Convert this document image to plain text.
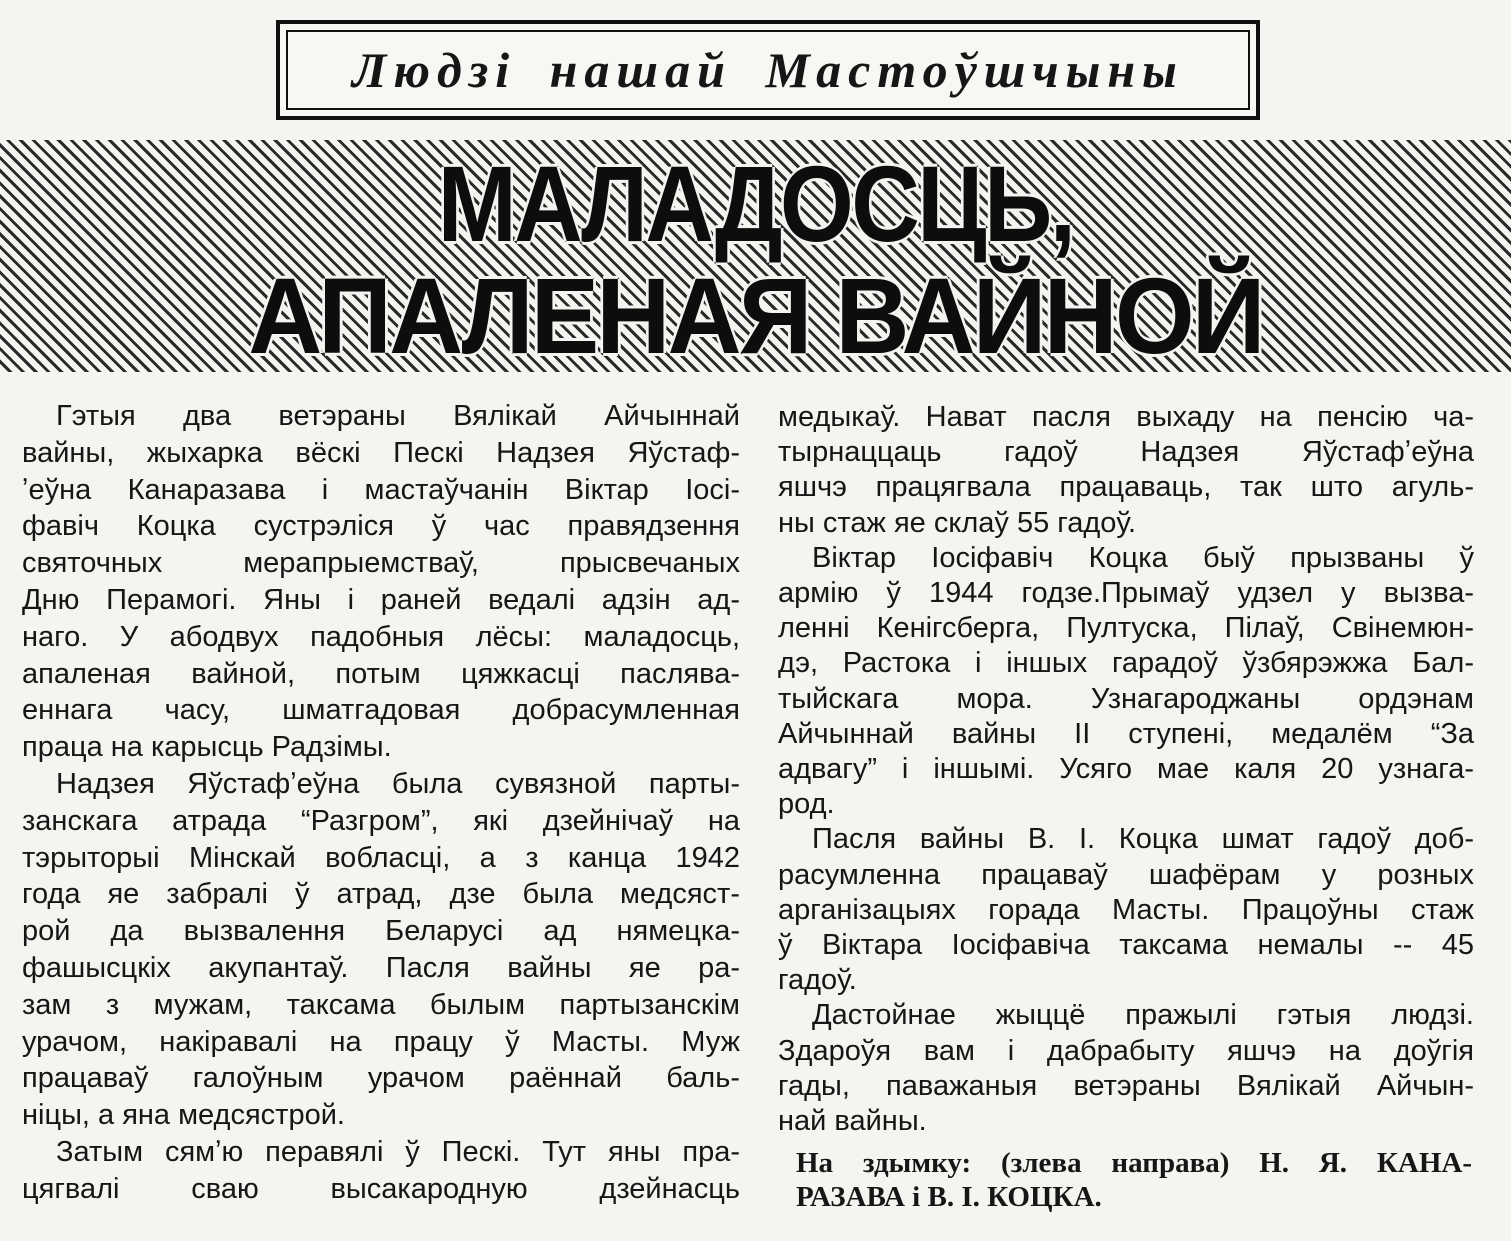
Людзі нашай Мастоўшчыны
МАЛАДОСЦЬ,
АПАЛЕНАЯ ВАЙНОЙ
Гэтыя два ветэраны Вялікай Айчыннай
вайны, жыхарка вёскі Пескі Надзея Яўстаф-
ʼеўна Канаразава і мастаўчанін Віктар Іосі-
фавіч Коцка сустрэліся ў час правядзення
святочных мерапрыемстваў, прысвечаных
Дню Перамогі. Яны і раней ведалі адзін ад-
наго. У абодвух падобныя лёсы: маладосць,
апаленая вайной, потым цяжкасці паслява-
еннага часу, шматгадовая добрасумленная
праца на карысць Радзімы.
Надзея Яўстафʼеўна была сувязной парты-
занскага атрада “Разгром”, які дзейнічаў на
тэрыторыі Мінскай вобласці, а з канца 1942
года яе забралі ў атрад, дзе была медсяст-
рой да вызвалення Беларусі ад нямецка-
фашысцкіх акупантаў. Пасля вайны яе ра-
зам з мужам, таксама былым партызанскім
урачом, накіравалі на працу ў Масты. Муж
працаваў галоўным урачом раённай баль-
ніцы, а яна медсястрой.
Затым сямʼю перавялі ў Пескі. Тут яны пра-
цягвалі сваю высакародную дзейнасць
медыкаў. Нават пасля выхаду на пенсію ча-
тырнаццаць гадоў Надзея Яўстафʼеўна
яшчэ працягвала працаваць, так што агуль-
ны стаж яе склаў 55 гадоў.
Віктар Іосіфавіч Коцка быў прызваны ў
армію ў 1944 годзе.Прымаў удзел у вызва-
ленні Кенігсберга, Пултуска, Пілаў, Свінемюн-
дэ, Растока і іншых гарадоў ўзбярэжжа Бал-
тыйскага мора. Узнагароджаны ордэнам
Айчыннай вайны II ступені, медалём “За
адвагу” і іншымі. Усяго мае каля 20 узнага-
род.
Пасля вайны В. І. Коцка шмат гадоў доб-
расумленна працаваў шафёрам у розных
арганізацыях горада Масты. Працоўны стаж
ў Віктара Іосіфавіча таксама немалы -- 45
гадоў.
Дастойнае жыццё пражылі гэтыя людзі.
Здароўя вам і дабрабыту яшчэ на доўгія
гады, паважаныя ветэраны Вялікай Айчын-
най вайны.
На здымку: (злева направа) Н. Я. КАНА-
РАЗАВА і В. І. КОЦКА.
